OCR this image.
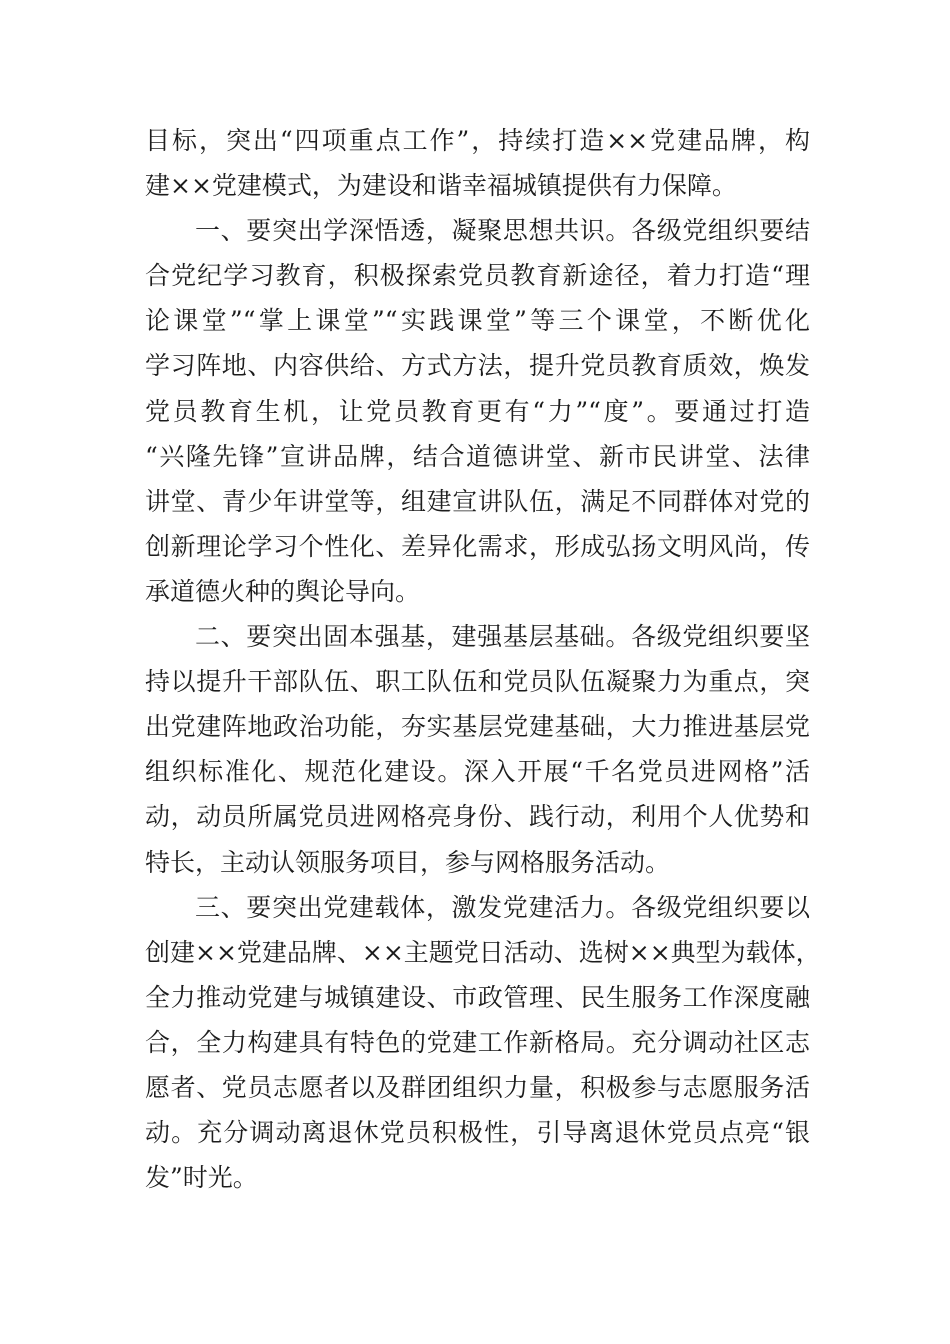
目标，突出“四项重点工作”，持续打造××党建品牌，构
建××党建模式，为建设和谐幸福城镇提供有力保障。
一、要突出学深悟透，凝聚思想共识。各级党组织要结
合党纪学习教育，积极探索党员教育新途径，着力打造“理
论课堂”“掌上课堂”“实践课堂”等三个课堂，不断优化
学习阵地、内容供给、方式方法，提升党员教育质效，焕发
党员教育生机，让党员教育更有“力”“度”。要通过打造
“兴隆先锋”宣讲品牌，结合道德讲堂、新市民讲堂、法律
讲堂、青少年讲堂等，组建宣讲队伍，满足不同群体对党的
创新理论学习个性化、差异化需求，形成弘扬文明风尚，传
承道德火种的舆论导向。
二、要突出固本强基，建强基层基础。各级党组织要坚
持以提升干部队伍、职工队伍和党员队伍凝聚力为重点，突
出党建阵地政治功能，夯实基层党建基础，大力推进基层党
组织标准化、规范化建设。深入开展“千名党员进网格”活
动，动员所属党员进网格亮身份、践行动，利用个人优势和
特长，主动认领服务项目，参与网格服务活动。
三、要突出党建载体，激发党建活力。各级党组织要以
创建××党建品牌、××主题党日活动、选树××典型为载体，
全力推动党建与城镇建设、市政管理、民生服务工作深度融
合，全力构建具有特色的党建工作新格局。充分调动社区志
愿者、党员志愿者以及群团组织力量，积极参与志愿服务活
动。充分调动离退休党员积极性，引导离退休党员点亮“银
发”时光。
